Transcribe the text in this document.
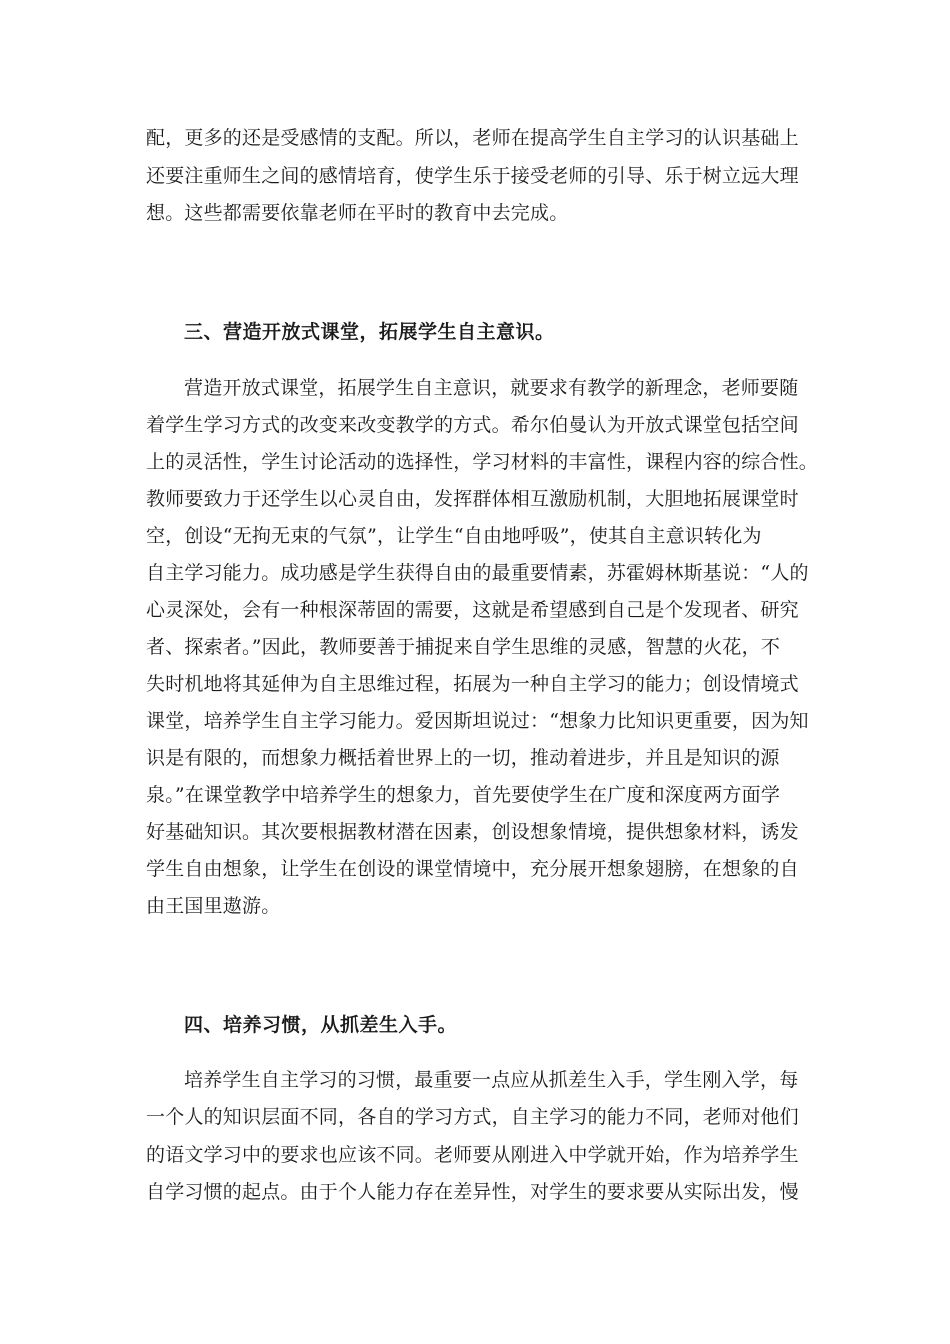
配，更多的还是受感情的支配。所以，老师在提高学生自主学习的认识基础上
还要注重师生之间的感情培育，使学生乐于接受老师的引导、乐于树立远大理
想。这些都需要依靠老师在平时的教育中去完成。
三、营造开放式课堂，拓展学生自主意识。
营造开放式课堂，拓展学生自主意识，就要求有教学的新理念，老师要随
着学生学习方式的改变来改变教学的方式。希尔伯曼认为开放式课堂包括空间
上的灵活性，学生讨论活动的选择性，学习材料的丰富性，课程内容的综合性。
教师要致力于还学生以心灵自由，发挥群体相互激励机制，大胆地拓展课堂时
空，创设“无拘无束的气氛”，让学生“自由地呼吸”，使其自主意识转化为
自主学习能力。成功感是学生获得自由的最重要情素，苏霍姆林斯基说：“人的
心灵深处，会有一种根深蒂固的需要，这就是希望感到自己是个发现者、研究
者、探索者。”因此，教师要善于捕捉来自学生思维的灵感，智慧的火花，不
失时机地将其延伸为自主思维过程，拓展为一种自主学习的能力；创设情境式
课堂，培养学生自主学习能力。爱因斯坦说过：“想象力比知识更重要，因为知
识是有限的，而想象力概括着世界上的一切，推动着进步，并且是知识的源
泉。”在课堂教学中培养学生的想象力，首先要使学生在广度和深度两方面学
好基础知识。其次要根据教材潜在因素，创设想象情境，提供想象材料，诱发
学生自由想象，让学生在创设的课堂情境中，充分展开想象翅膀，在想象的自
由王国里遨游。
四、培养习惯，从抓差生入手。
培养学生自主学习的习惯，最重要一点应从抓差生入手，学生刚入学，每
一个人的知识层面不同，各自的学习方式，自主学习的能力不同，老师对他们
的语文学习中的要求也应该不同。老师要从刚进入中学就开始，作为培养学生
自学习惯的起点。由于个人能力存在差异性，对学生的要求要从实际出发，慢
